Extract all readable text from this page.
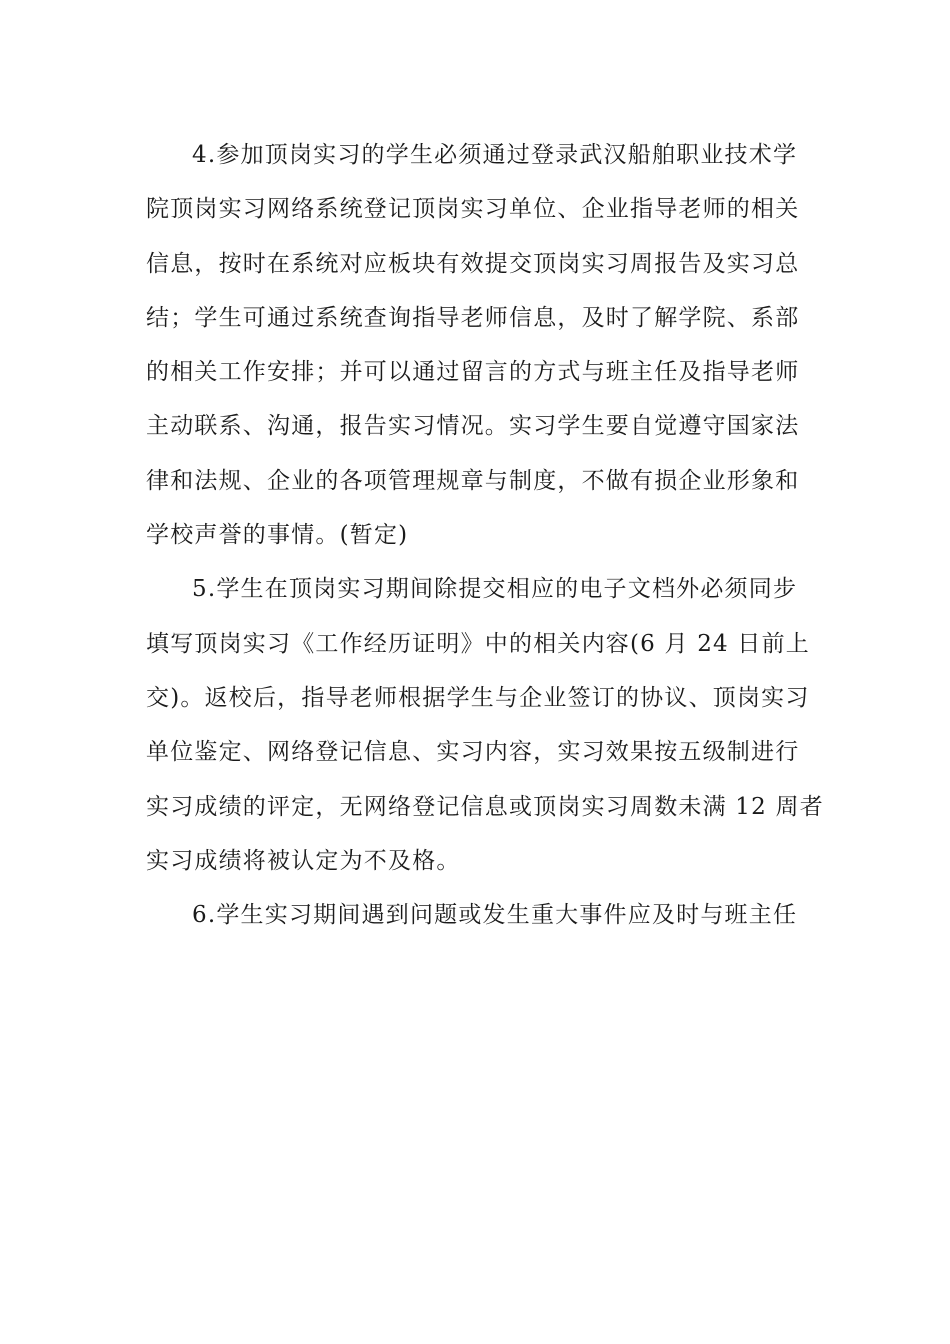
4.参加顶岗实习的学生必须通过登录武汉船舶职业技术学
院顶岗实习网络系统登记顶岗实习单位、企业指导老师的相关
信息，按时在系统对应板块有效提交顶岗实习周报告及实习总
结；学生可通过系统查询指导老师信息，及时了解学院、系部
的相关工作安排；并可以通过留言的方式与班主任及指导老师
主动联系、沟通，报告实习情况。实习学生要自觉遵守国家法
律和法规、企业的各项管理规章与制度，不做有损企业形象和
学校声誉的事情。(暂定)
5.学生在顶岗实习期间除提交相应的电子文档外必须同步
填写顶岗实习《工作经历证明》中的相关内容(6 月 24 日前上
交)。返校后，指导老师根据学生与企业签订的协议、顶岗实习
单位鉴定、网络登记信息、实习内容，实习效果按五级制进行
实习成绩的评定，无网络登记信息或顶岗实习周数未满 12 周者
实习成绩将被认定为不及格。
6.学生实习期间遇到问题或发生重大事件应及时与班主任
